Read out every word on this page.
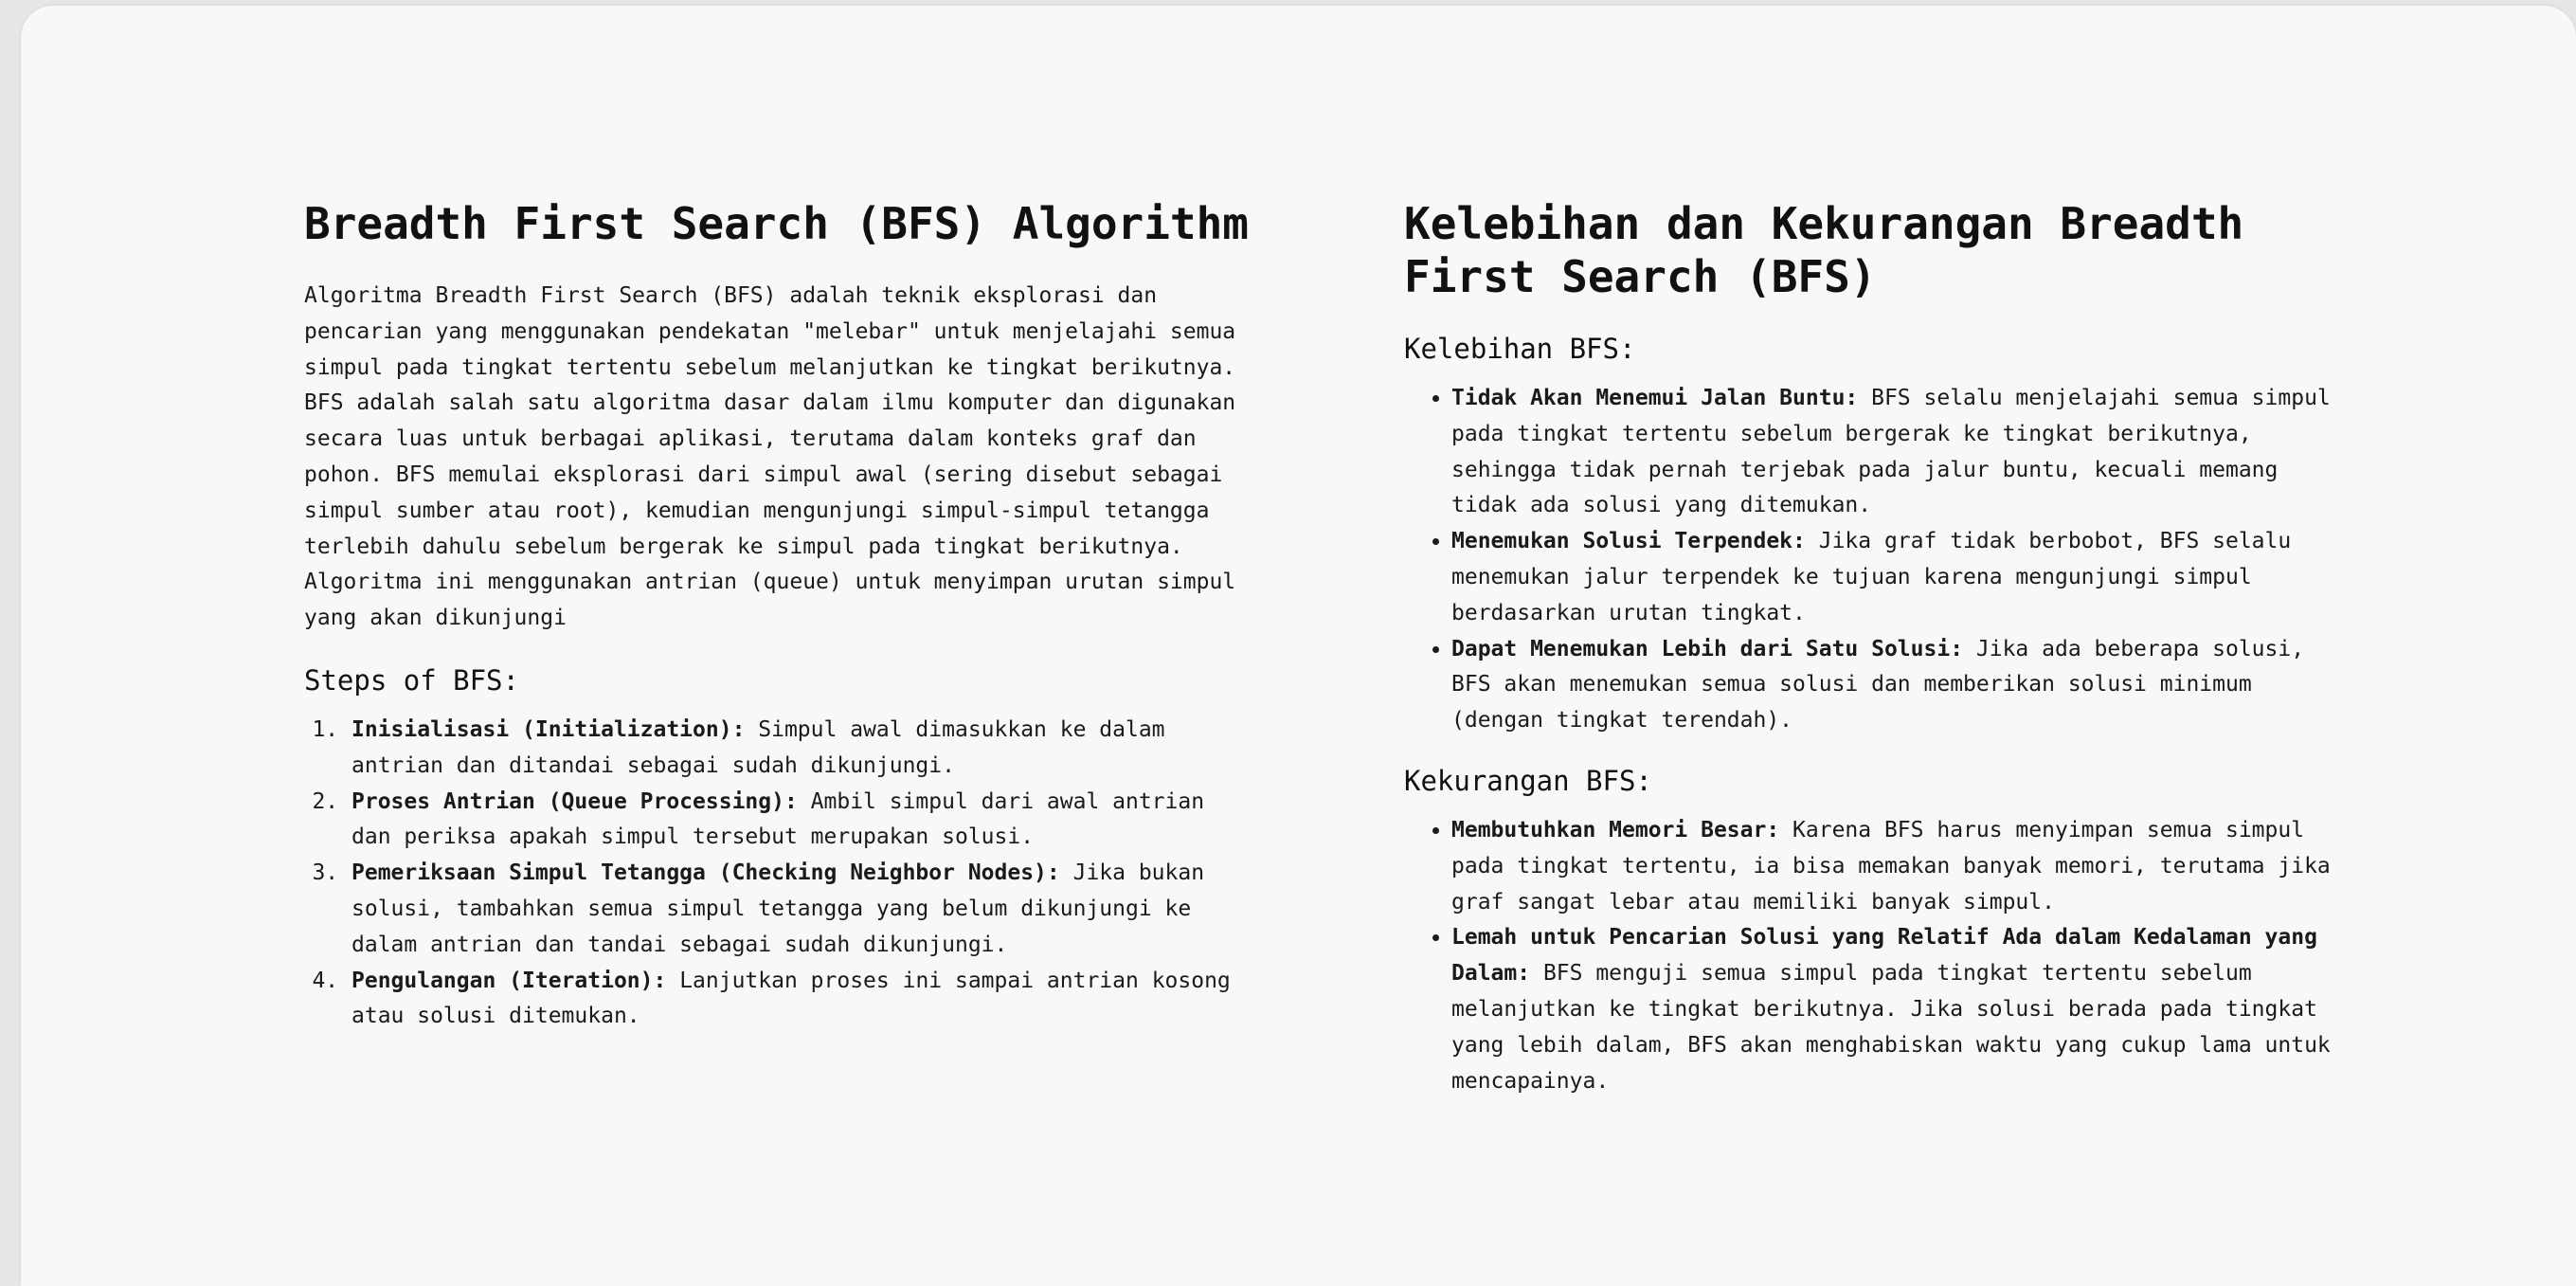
Breadth First Search (BFS) Algorithm

Algoritma Breadth First Search (BFS) adalah teknik eksplorasi dan pencarian yang menggunakan pendekatan "melebar" untuk menjelajahi semua simpul pada tingkat tertentu sebelum melanjutkan ke tingkat berikutnya. BFS adalah salah satu algoritma dasar dalam ilmu komputer dan digunakan secara luas untuk berbagai aplikasi, terutama dalam konteks graf dan pohon. BFS memulai eksplorasi dari simpul awal (sering disebut sebagai simpul sumber atau root), kemudian mengunjungi simpul-simpul tetangga terlebih dahulu sebelum bergerak ke simpul pada tingkat berikutnya. Algoritma ini menggunakan antrian (queue) untuk menyimpan urutan simpul yang akan dikunjungi

Steps of BFS:
1. Inisialisasi (Initialization): Simpul awal dimasukkan ke dalam antrian dan ditandai sebagai sudah dikunjungi.
2. Proses Antrian (Queue Processing): Ambil simpul dari awal antrian dan periksa apakah simpul tersebut merupakan solusi.
3. Pemeriksaan Simpul Tetangga (Checking Neighbor Nodes): Jika bukan solusi, tambahkan semua simpul tetangga yang belum dikunjungi ke dalam antrian dan tandai sebagai sudah dikunjungi.
4. Pengulangan (Iteration): Lanjutkan proses ini sampai antrian kosong atau solusi ditemukan.
Kelebihan dan Kekurangan Breadth First Search (BFS)
Kelebihan BFS:
• Tidak Akan Menemui Jalan Buntu: BFS selalu menjelajahi semua simpul pada tingkat tertentu sebelum bergerak ke tingkat berikutnya, sehingga tidak pernah terjebak pada jalur buntu, kecuali memang tidak ada solusi yang ditemukan.
• Menemukan Solusi Terpendek: Jika graf tidak berbobot, BFS selalu menemukan jalur terpendek ke tujuan karena mengunjungi simpul berdasarkan urutan tingkat.
• Dapat Menemukan Lebih dari Satu Solusi: Jika ada beberapa solusi, BFS akan menemukan semua solusi dan memberikan solusi minimum (dengan tingkat terendah).
Kekurangan BFS:
• Membutuhkan Memori Besar: Karena BFS harus menyimpan semua simpul pada tingkat tertentu, ia bisa memakan banyak memori, terutama jika graf sangat lebar atau memiliki banyak simpul.
• Lemah untuk Pencarian Solusi yang Relatif Ada dalam Kedalaman yang Dalam: BFS menguji semua simpul pada tingkat tertentu sebelum melanjutkan ke tingkat berikutnya. Jika solusi berada pada tingkat yang lebih dalam, BFS akan menghabiskan waktu yang cukup lama untuk mencapainya.
